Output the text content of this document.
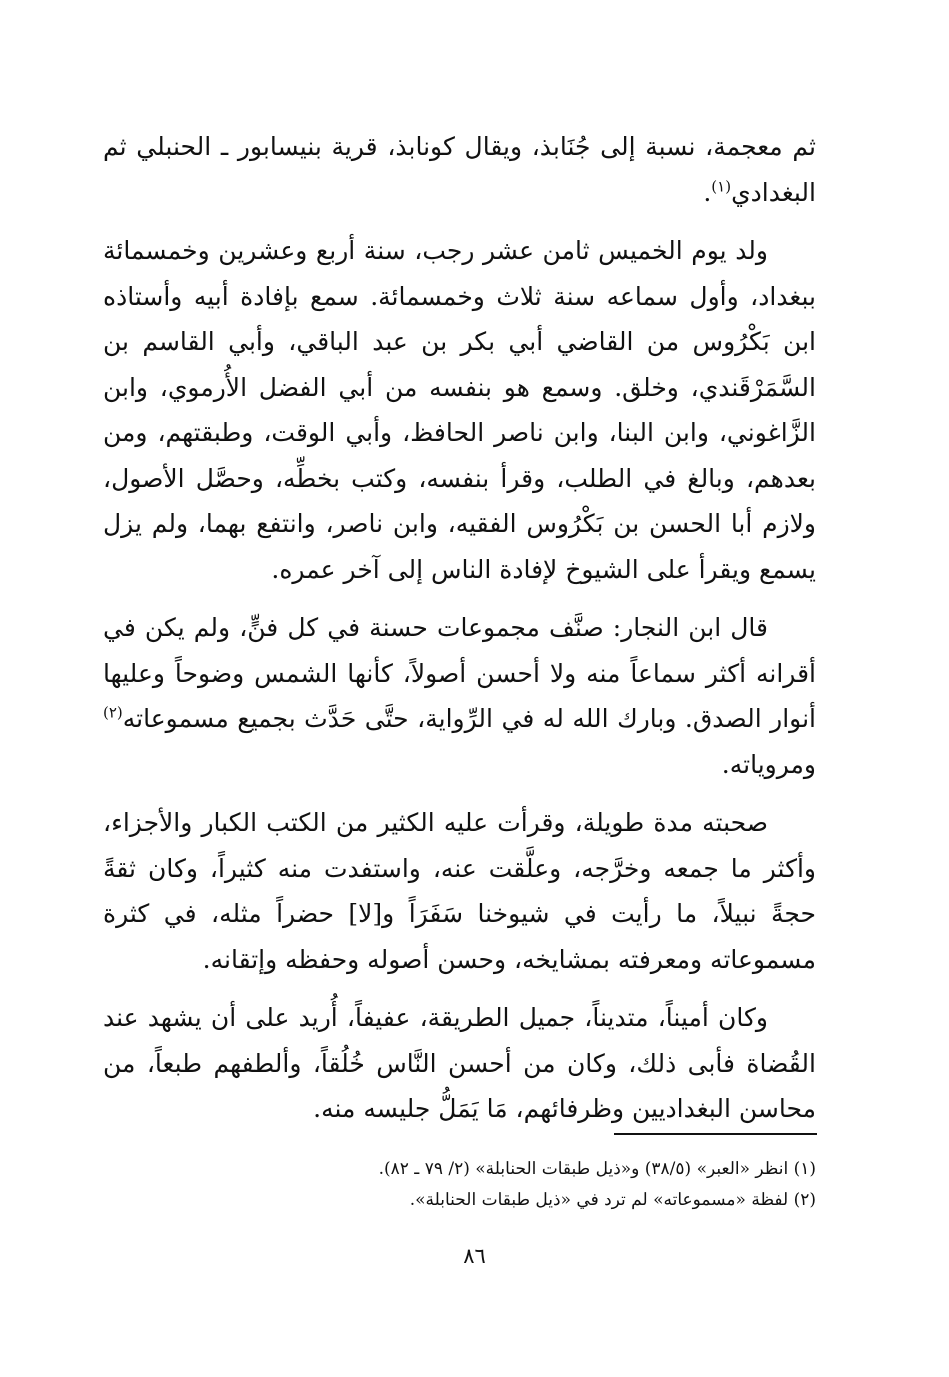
ثم معجمة، نسبة إلى جُنَابذ، ويقال كونابذ، قرية بنيسابور ـ الحنبلي ثم البغدادي$^{(١)}$.

ولد يوم الخميس ثامن عشر رجب، سنة أربع وعشرين وخمسمائة ببغداد، وأول سماعه سنة ثلاث وخمسمائة. سمع بإفادة أبيه وأستاذه ابن بَكْرُوس من القاضي أبي بكر بن عبد الباقي، وأبي القاسم بن السَّمَرْقَندي، وخلق. وسمع هو بنفسه من أبي الفضل الأُرموي، وابن الزَّاغوني، وابن البنا، وابن ناصر الحافظ، وأبي الوقت، وطبقتهم، ومن بعدهم، وبالغ في الطلب، وقرأ بنفسه، وكتب بخطِّه، وحصَّل الأصول، ولازم أبا الحسن بن بَكْرُوس الفقيه، وابن ناصر، وانتفع بهما، ولم يزل يسمع ويقرأ على الشيوخ لإفادة الناس إلى آخر عمره.

قال ابن النجار: صنَّف مجموعات حسنة في كل فنٍّ، ولم يكن في أقرانه أكثر سماعاً منه ولا أحسن أصولاً، كأنها الشمس وضوحاً وعليها أنوار الصدق. وبارك الله له في الرِّواية، حتَّى حَدَّث بجميع مسموعاته$^{(٢)}$ ومروياته.

صحبته مدة طويلة، وقرأت عليه الكثير من الكتب الكبار والأجزاء، وأكثر ما جمعه وخرَّجه، وعلَّقت عنه، واستفدت منه كثيراً، وكان ثقةً حجةً نبيلاً، ما رأيت في شيوخنا سَفَرَاً و[لا] حضراً مثله، في كثرة مسموعاته ومعرفته بمشايخه، وحسن أصوله وحفظه وإتقانه.

وكان أميناً، متديناً، جميل الطريقة، عفيفاً، أُريد على أن يشهد عند القُضاة فأبى ذلك، وكان من أحسن النَّاس خُلُقاً، وألطفهم طبعاً، من محاسن البغداديين وظرفائهم، مَا يَمَلُّ جليسه منه.

(١) انظر «العبر» (٣٨/٥) و«ذيل طبقات الحنابلة» (٢/ ٧٩ ـ ٨٢).
(٢) لفظة «مسموعاته» لم ترد في «ذيل طبقات الحنابلة».
٨٦
